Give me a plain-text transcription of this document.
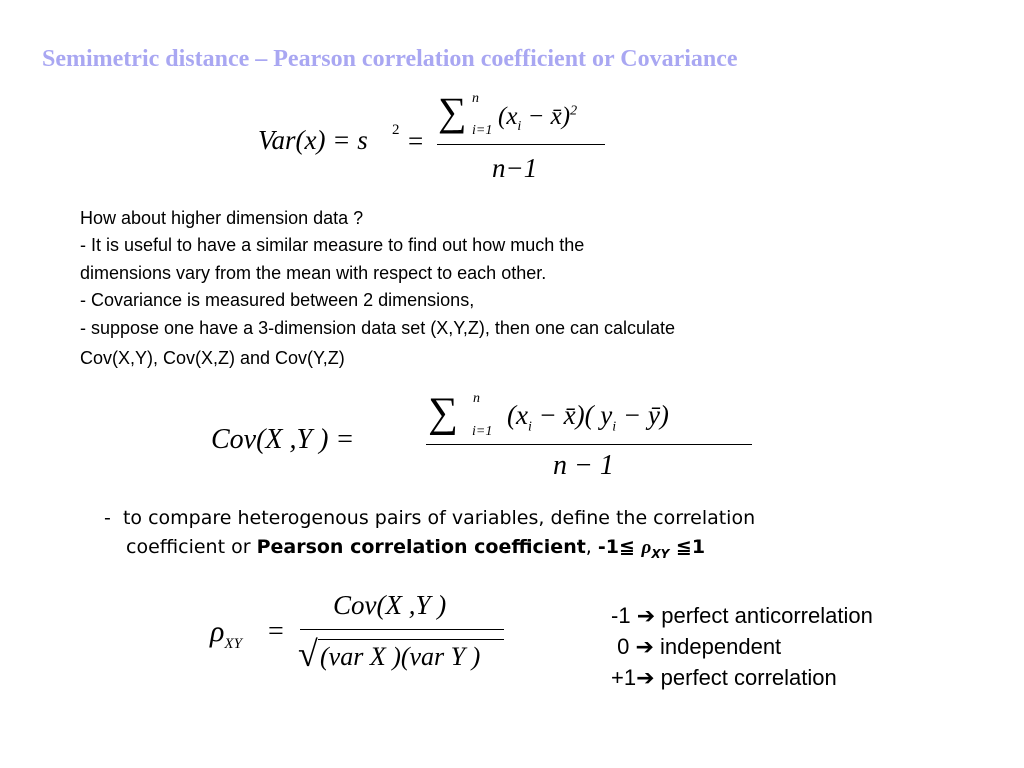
Semimetric distance – Pearson correlation coefficient or Covariance
Var(x) = s 2 =
∑ n
i=1
($x_i$ − x̄)$^2$
n−1
How about higher dimension data ?
- It is useful to have a similar measure to find out how much the
dimensions vary from the mean with respect to each other.
- Covariance is measured between 2 dimensions,
- suppose one have a 3-dimension data set (X,Y,Z), then one can calculate
Cov(X,Y), Cov(X,Z) and Cov(Y,Z)
Cov(X ,Y ) =
∑ n
i=1
($x_i$ − x̄)( $y_i$ − ȳ)
n − 1
- to compare heterogenous pairs of variables, define the correlation
coefficient or Pearson correlation coefficient, -1≦ $\rho_{XY}$ ≦1
$\rho_{XY}$ =
Cov(X ,Y )
√ (var X )(var Y )
-1 ➔ perfect anticorrelation
0 ➔ independent
+1➔ perfect correlation
